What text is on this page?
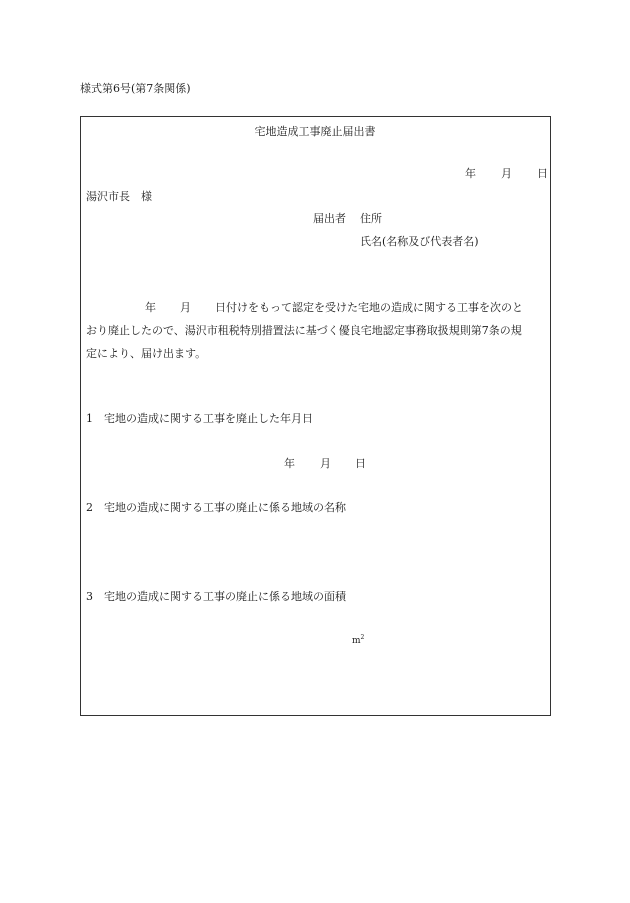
様式第6号(第7条関係)
宅地造成工事廃止届出書
年 月 日
湯沢市長　様
届出者 住所
氏名(名称及び代表者名)
年 月 日付けをもって認定を受けた宅地の造成に関する工事を次のと
おり廃止したので、湯沢市租税特別措置法に基づく優良宅地認定事務取扱規則第7条の規
定により、届け出ます。
1　宅地の造成に関する工事を廃止した年月日
年 月 日
2　宅地の造成に関する工事の廃止に係る地域の名称
3　宅地の造成に関する工事の廃止に係る地域の面積
$m^2$
